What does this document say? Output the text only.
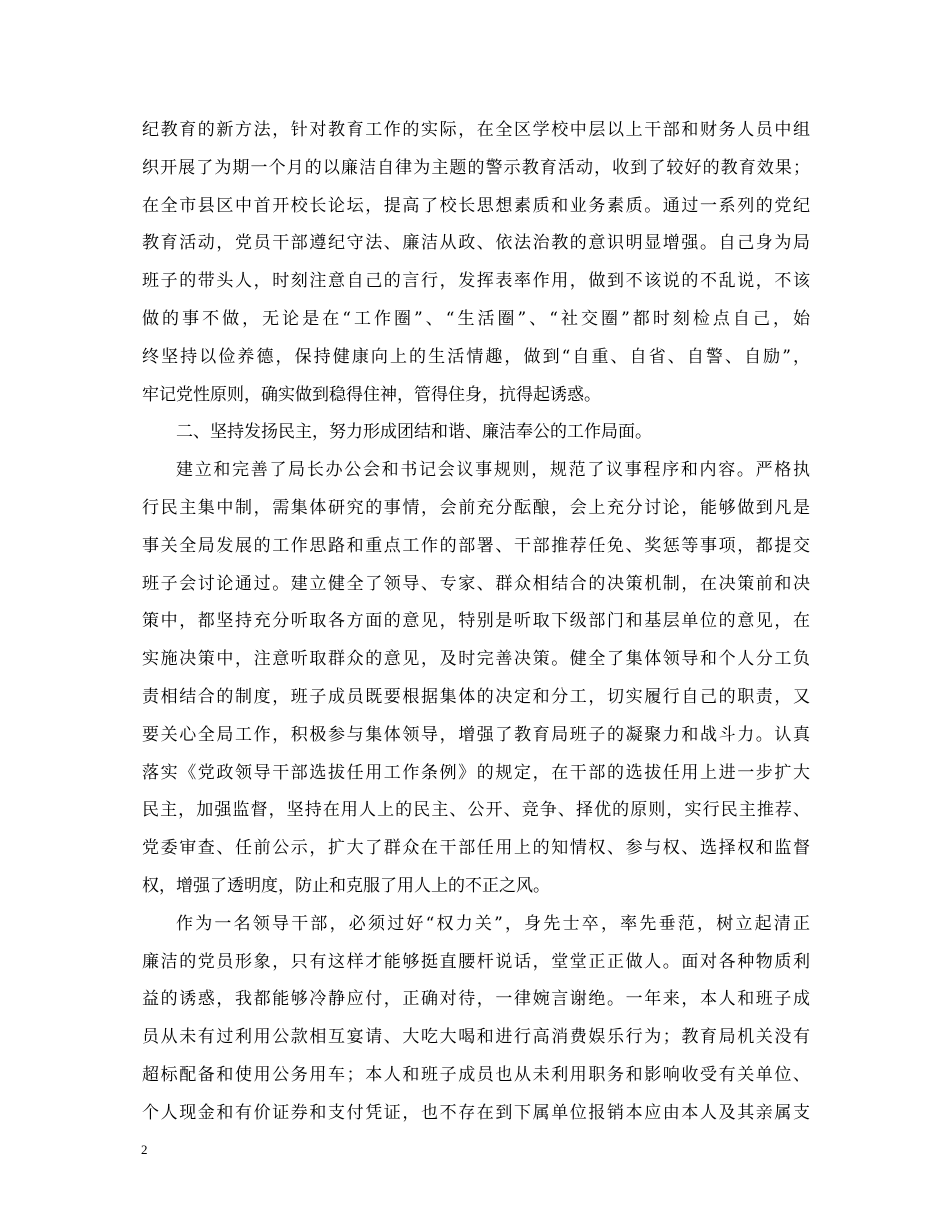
纪教育的新方法，针对教育工作的实际，在全区学校中层以上干部和财务人员中组
织开展了为期一个月的以廉洁自律为主题的警示教育活动，收到了较好的教育效果；
在全市县区中首开校长论坛，提高了校长思想素质和业务素质。通过一系列的党纪
教育活动，党员干部遵纪守法、廉洁从政、依法治教的意识明显增强。自己身为局
班子的带头人，时刻注意自己的言行，发挥表率作用，做到不该说的不乱说，不该
做的事不做，无论是在“工作圈”、“生活圈”、“社交圈”都时刻检点自己，始
终坚持以俭养德，保持健康向上的生活情趣，做到“自重、自省、自警、自励”，
牢记党性原则，确实做到稳得住神，管得住身，抗得起诱惑。
二、坚持发扬民主，努力形成团结和谐、廉洁奉公的工作局面。
建立和完善了局长办公会和书记会议事规则，规范了议事程序和内容。严格执
行民主集中制，需集体研究的事情，会前充分酝酿，会上充分讨论，能够做到凡是
事关全局发展的工作思路和重点工作的部署、干部推荐任免、奖惩等事项，都提交
班子会讨论通过。建立健全了领导、专家、群众相结合的决策机制，在决策前和决
策中，都坚持充分听取各方面的意见，特别是听取下级部门和基层单位的意见，在
实施决策中，注意听取群众的意见，及时完善决策。健全了集体领导和个人分工负
责相结合的制度，班子成员既要根据集体的决定和分工，切实履行自己的职责，又
要关心全局工作，积极参与集体领导，增强了教育局班子的凝聚力和战斗力。认真
落实《党政领导干部选拔任用工作条例》的规定，在干部的选拔任用上进一步扩大
民主，加强监督，坚持在用人上的民主、公开、竞争、择优的原则，实行民主推荐、
党委审查、任前公示，扩大了群众在干部任用上的知情权、参与权、选择权和监督
权，增强了透明度，防止和克服了用人上的不正之风。
作为一名领导干部，必须过好“权力关”，身先士卒，率先垂范，树立起清正
廉洁的党员形象，只有这样才能够挺直腰杆说话，堂堂正正做人。面对各种物质利
益的诱惑，我都能够冷静应付，正确对待，一律婉言谢绝。一年来，本人和班子成
员从未有过利用公款相互宴请、大吃大喝和进行高消费娱乐行为；教育局机关没有
超标配备和使用公务用车；本人和班子成员也从未利用职务和影响收受有关单位、
个人现金和有价证券和支付凭证，也不存在到下属单位报销本应由本人及其亲属支
2
